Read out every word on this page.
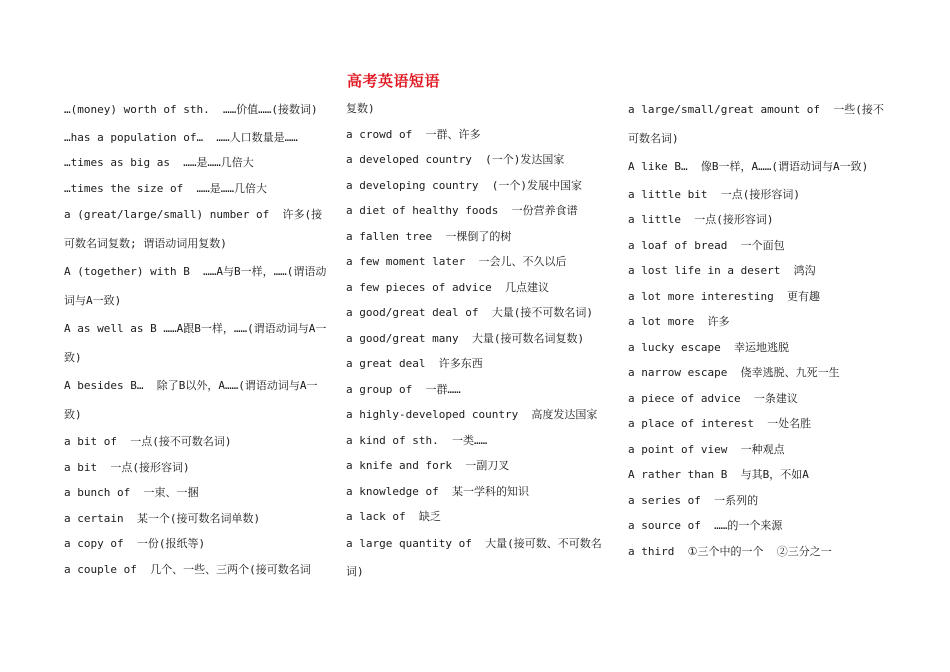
高考英语短语

…(money) worth of sth.  ……价值……(接数词)

…has a population of…  ……人口数量是……

…times as big as  ……是……几倍大

…times the size of  ……是……几倍大

a (great/large/small) number of  许多(接可数名词复数; 谓语动词用复数)

A (together) with B  ……A与B一样，……(谓语动词与A一致)

A as well as B ……A跟B一样，……(谓语动词与A一致)

A besides B…  除了B以外，A……(谓语动词与A一致)

a bit of  一点(接不可数名词)

a bit  一点(接形容词)

a bunch of  一束、一捆

a certain  某一个(接可数名词单数)

a copy of  一份(报纸等)

a couple of  几个、一些、三两个(接可数名词

复数)

a crowd of  一群、许多

a developed country  (一个)发达国家

a developing country  (一个)发展中国家

a diet of healthy foods  一份营养食谱

a fallen tree  一棵倒了的树

a few moment later  一会儿、不久以后

a few pieces of advice  几点建议

a good/great deal of  大量(接不可数名词)

a good/great many  大量(接可数名词复数)

a great deal  许多东西

a group of  一群……

a highly-developed country  高度发达国家

a kind of sth.  一类……

a knife and fork  一副刀叉

a knowledge of  某一学科的知识

a lack of  缺乏

a large quantity of  大量(接可数、不可数名词)

a large/small/great amount of  一些(接不可数名词)

A like B…  像B一样，A……(谓语动词与A一致)

a little bit  一点(接形容词)

a little  一点(接形容词)

a loaf of bread  一个面包

a lost life in a desert  鸿沟

a lot more interesting  更有趣

a lot more  许多

a lucky escape  幸运地逃脱

a narrow escape  侥幸逃脱、九死一生

a piece of advice  一条建议

a place of interest  一处名胜

a point of view  一种观点

A rather than B  与其B，不如A

a series of  一系列的

a source of  ……的一个来源

a third  ①三个中的一个  ②三分之一
